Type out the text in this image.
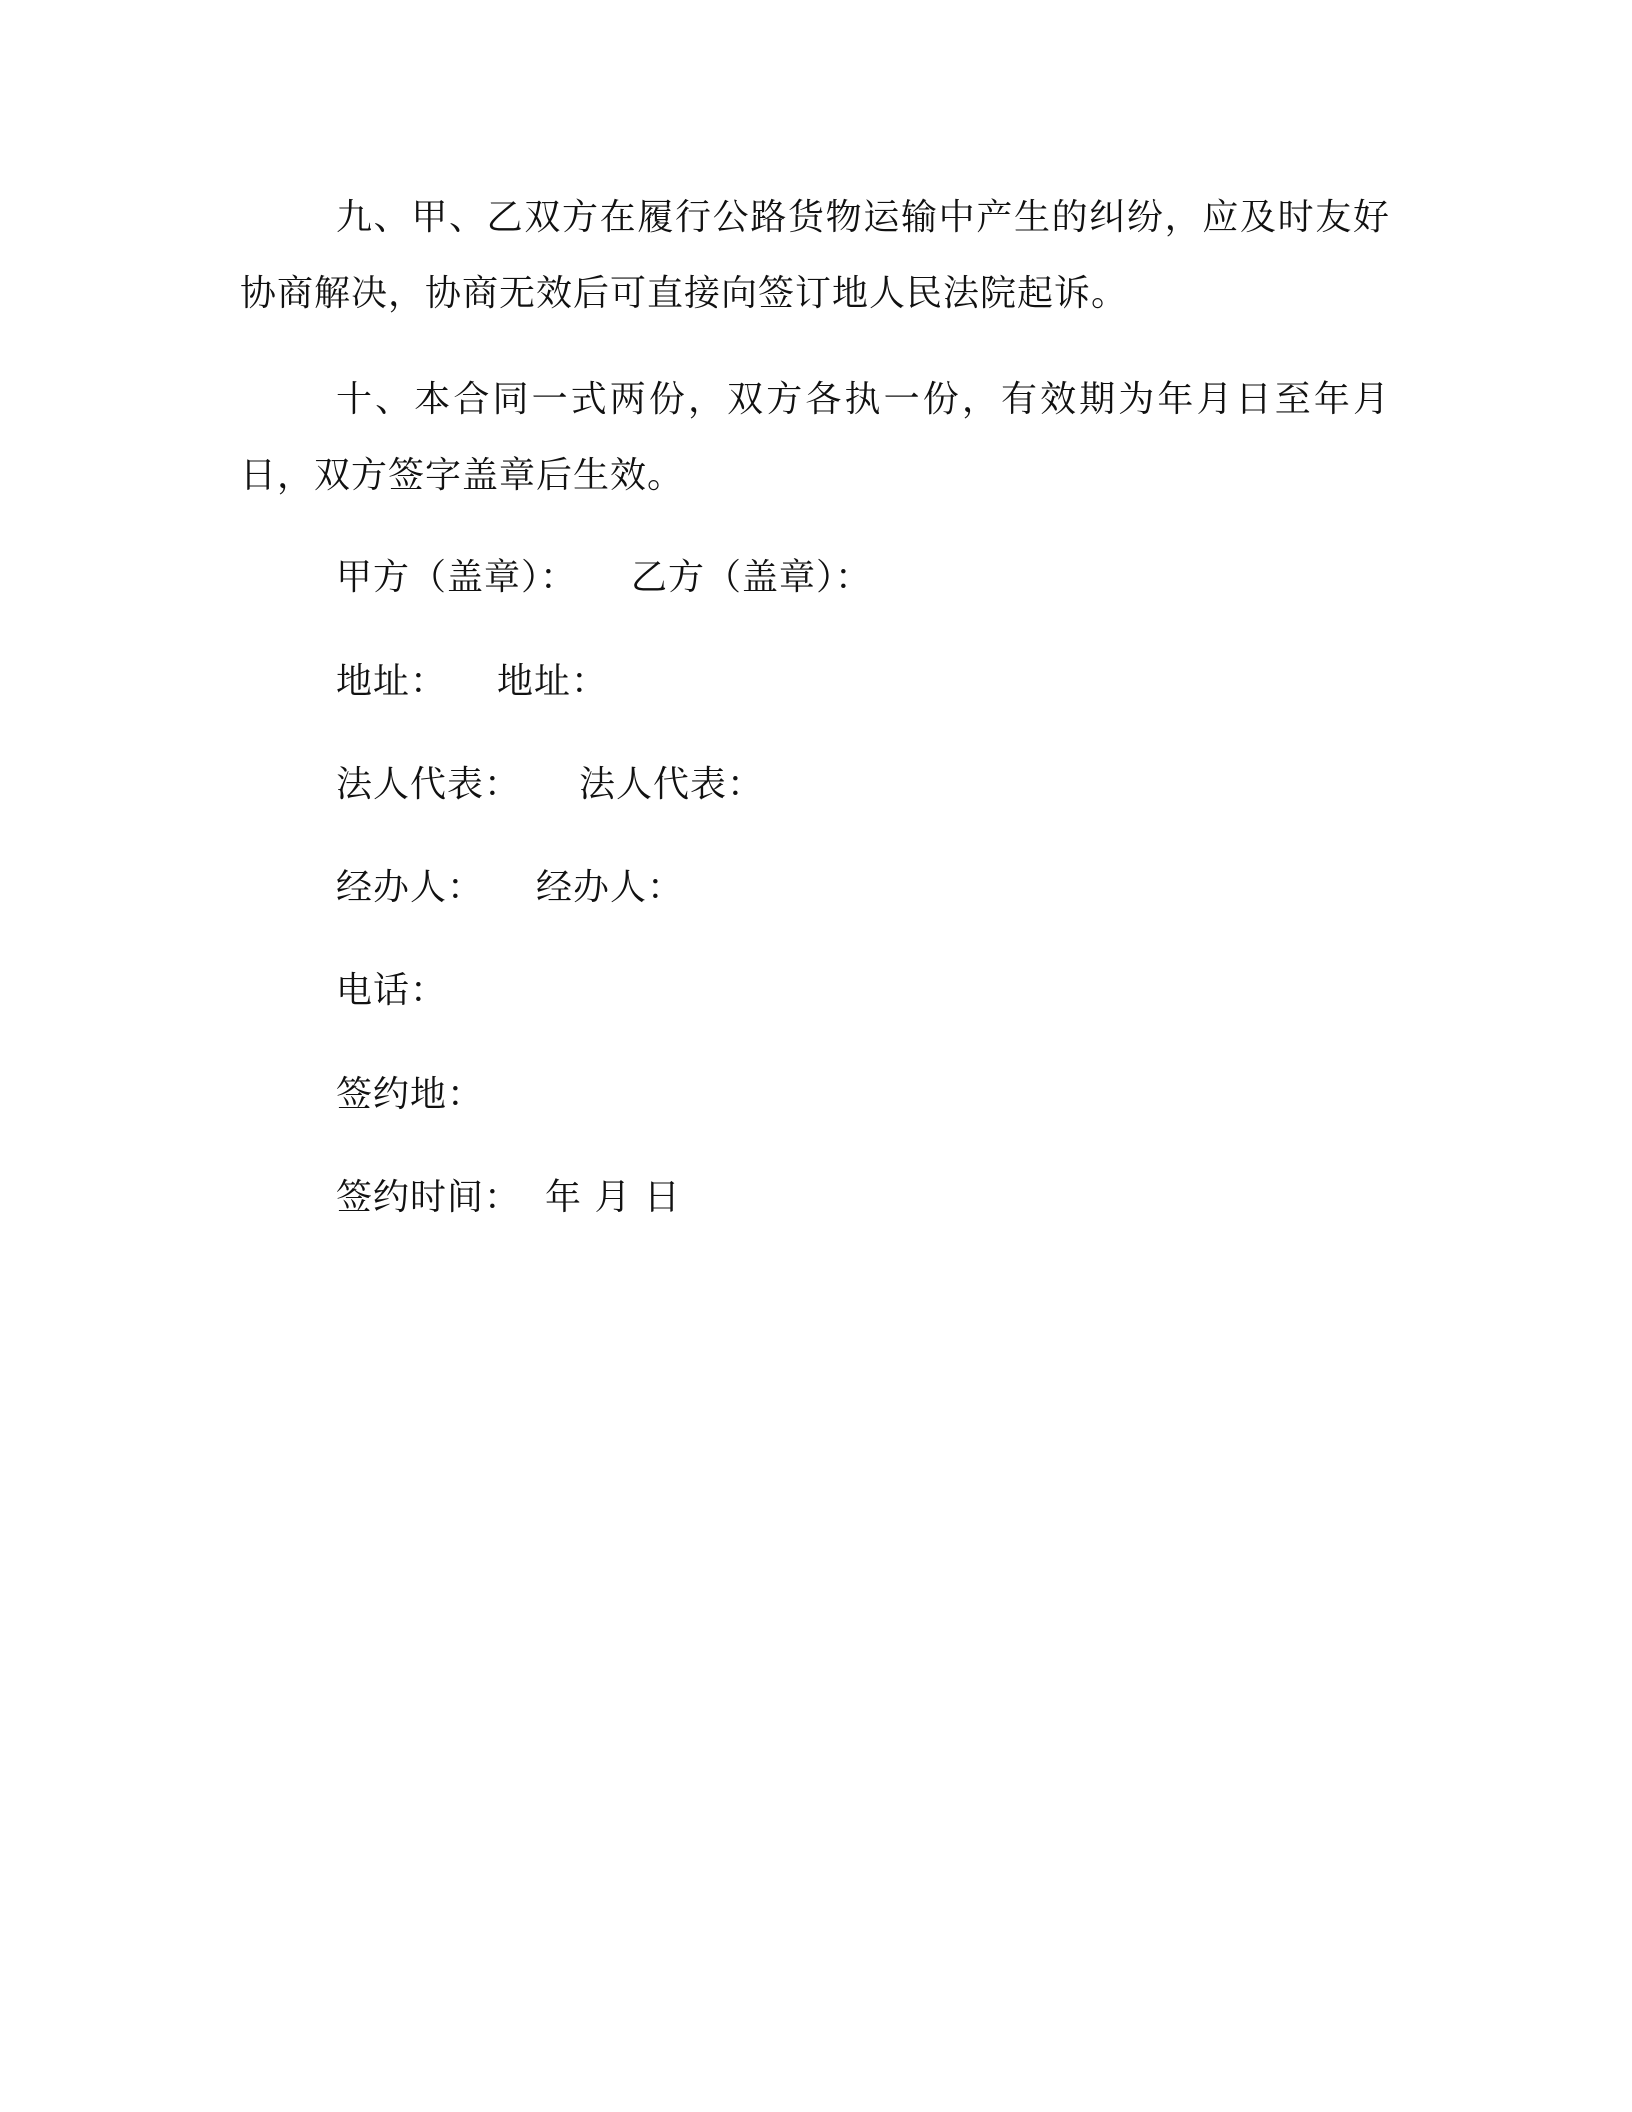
九、甲、乙双方在履行公路货物运输中产生的纠纷，应及时友好协商解决，协商无效后可直接向签订地人民法院起诉。

十、本合同一式两份，双方各执一份，有效期为年月日至年月日，双方签字盖章后生效。

甲方（盖章）： 乙方（盖章）：
地址： 地址：
法人代表： 法人代表：
经办人： 经办人：
电话：
签约地：
签约时间： 年 月 日
